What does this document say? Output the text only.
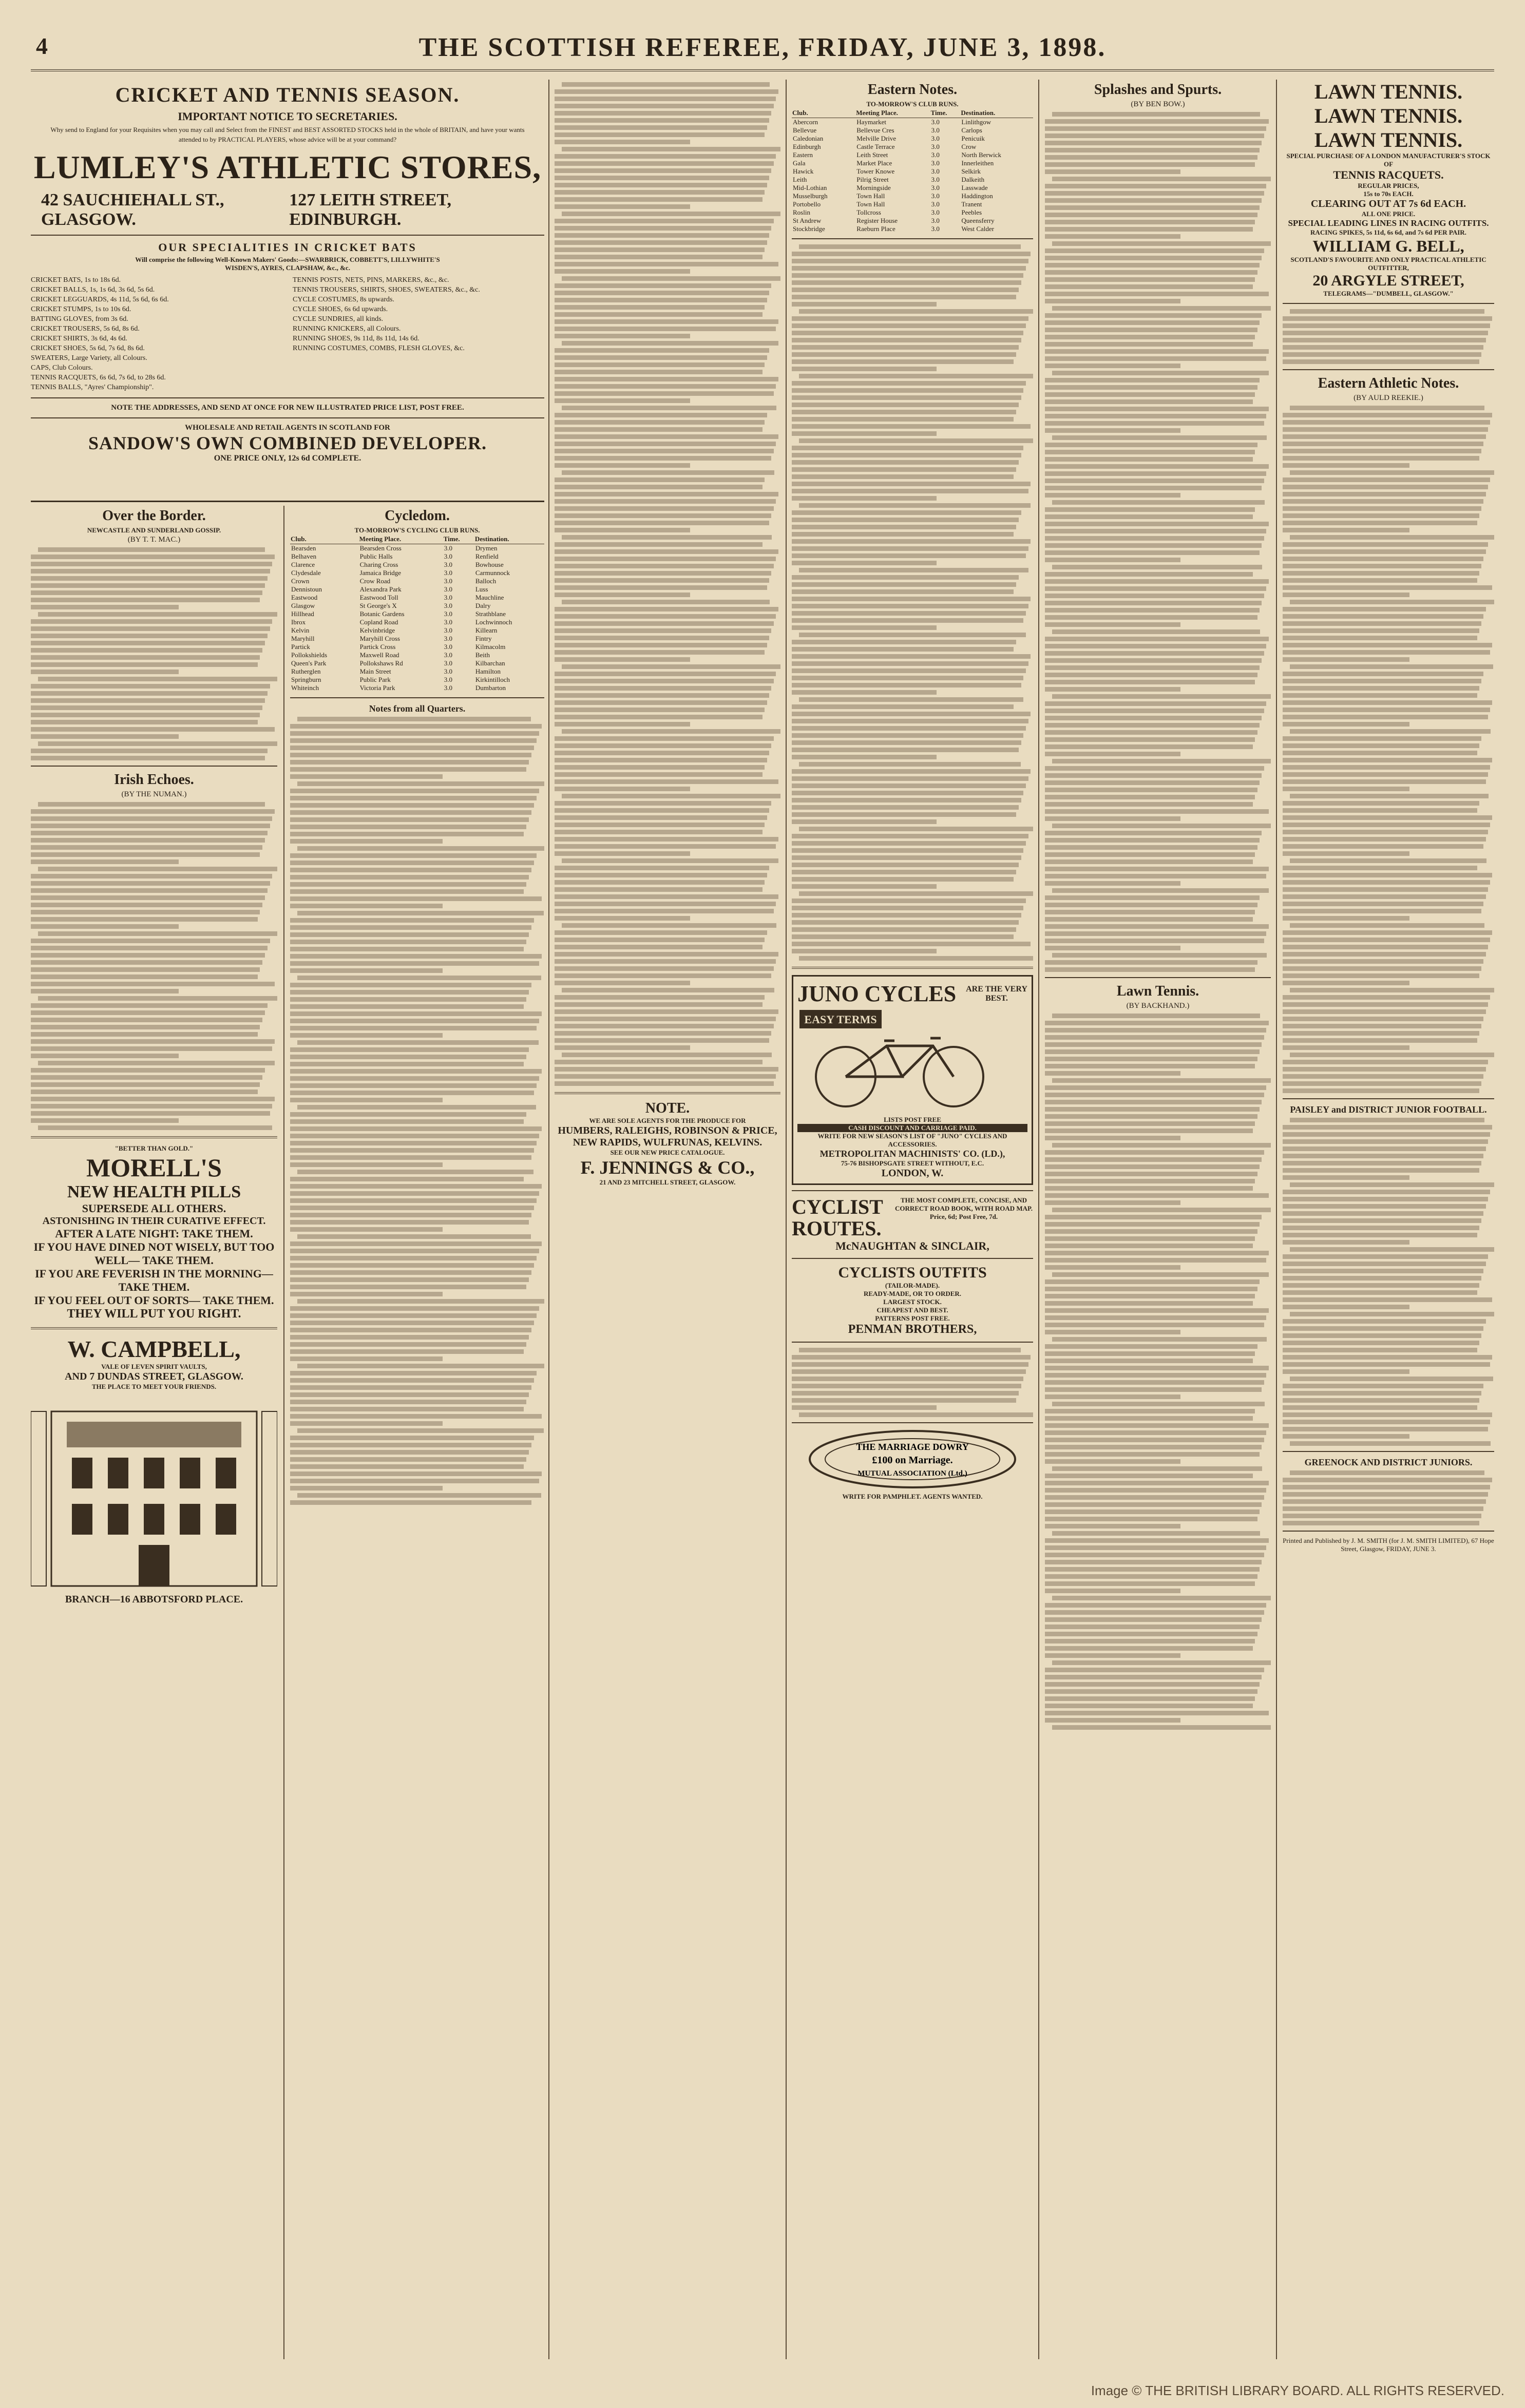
4	THE SCOTTISH REFEREE, FRIDAY, JUNE 3, 1898.
CRICKET AND TENNIS SEASON.
IMPORTANT NOTICE TO SECRETARIES.
Why send to England for your Requisites when you may call and Select from the FINEST and BEST ASSORTED STOCKS held in the whole of BRITAIN, and have your wants attended to by PRACTICAL PLAYERS, whose advice will be at your command?
LUMLEY'S ATHLETIC STORES,
42 SAUCHIEHALL ST., GLASGOW.
127 LEITH STREET, EDINBURGH.
OUR SPECIALITIES IN CRICKET BATS
Will comprise the following Well-Known Makers' Goods:—SWARBRICK, COBBETT'S, LILLYWHITE'S
WISDEN'S, AYRES, CLAPSHAW, &c., &c.
CRICKET BATS, 1s to 18s 6d.
CRICKET BALLS, 1s, 1s 6d, 3s 6d, 5s 6d.
CRICKET LEGGUARDS, 4s 11d, 5s 6d, 6s 6d.
CRICKET STUMPS, 1s to 10s 6d.
BATTING GLOVES, from 3s 6d.
CRICKET TROUSERS, 5s 6d, 8s 6d.
CRICKET SHIRTS, 3s 6d, 4s 6d.
CRICKET SHOES, 5s 6d, 7s 6d, 8s 6d.
SWEATERS, Large Variety, all Colours.
CAPS, Club Colours.
TENNIS RACQUETS, 6s 6d, 7s 6d, to 28s 6d.
TENNIS BALLS, "Ayres' Championship".
TENNIS POSTS, NETS, PINS, MARKERS, &c., &c.
TENNIS TROUSERS, SHIRTS, SHOES, SWEATERS, &c., &c.
CYCLE COSTUMES, 8s upwards.
CYCLE SHOES, 6s 6d upwards.
CYCLE SUNDRIES, all kinds.
RUNNING KNICKERS, all Colours.
RUNNING SHOES, 9s 11d, 8s 11d, 14s 6d.
RUNNING COSTUMES, COMBS, FLESH GLOVES, &c.
NOTE THE ADDRESSES, AND SEND AT ONCE FOR NEW ILLUSTRATED PRICE LIST, POST FREE.
WHOLESALE AND RETAIL AGENTS IN SCOTLAND FOR
SANDOW'S OWN COMBINED DEVELOPER.
ONE PRICE ONLY, 12s 6d COMPLETE.
Over the Border.
NEWCASTLE AND SUNDERLAND GOSSIP.
(BY T. T. MAC.)
Irish Echoes.
(BY THE NUMAN.)
"BETTER THAN GOLD."
MORELL'S
NEW HEALTH PILLS
SUPERSEDE ALL OTHERS.
ASTONISHING IN THEIR CURATIVE EFFECT.
AFTER A LATE NIGHT: TAKE THEM.
IF YOU HAVE DINED NOT WISELY, BUT TOO WELL— TAKE THEM.
IF YOU ARE FEVERISH IN THE MORNING— TAKE THEM.
IF YOU FEEL OUT OF SORTS— TAKE THEM.
THEY WILL PUT YOU RIGHT.
W. CAMPBELL,
VALE OF LEVEN SPIRIT VAULTS,
AND 7 DUNDAS STREET, GLASGOW.
THE PLACE TO MEET YOUR FRIENDS.
BRANCH—16 ABBOTSFORD PLACE.
Cycledom.
TO-MORROW'S CYCLING CLUB RUNS.
Club.	Meeting Place.	Time.	Destination.
Bearsden	Bearsden Cross	3.0	Drymen
Belhaven	Public Halls	3.0	Renfield
Clarence	Charing Cross	3.0	Bowhouse
Clydesdale	Jamaica Bridge	3.0	Carmunnock
Crown	Crow Road	3.0	Balloch
Dennistoun	Alexandra Park	3.0	Luss
Eastwood	Eastwood Toll	3.0	Mauchline
Glasgow	St George's X	3.0	Dalry
Hillhead	Botanic Gardens	3.0	Strathblane
Ibrox	Copland Road	3.0	Lochwinnoch
Kelvin	Kelvinbridge	3.0	Killearn
Maryhill	Maryhill Cross	3.0	Fintry
Partick	Partick Cross	3.0	Kilmacolm
Pollokshields	Maxwell Road	3.0	Beith
Queen's Park	Pollokshaws Rd	3.0	Kilbarchan
Rutherglen	Main Street	3.0	Hamilton
Springburn	Public Park	3.0	Kirkintilloch
Whiteinch	Victoria Park	3.0	Dumbarton
Notes from all Quarters.
NOTE.
WE ARE SOLE AGENTS FOR THE PRODUCE FOR
HUMBERS, RALEIGHS, ROBINSON & PRICE,
NEW RAPIDS, WULFRUNAS, KELVINS.
SEE OUR NEW PRICE CATALOGUE.
F. JENNINGS & CO.,
21 AND 23 MITCHELL STREET, GLASGOW.
Eastern Notes.
TO-MORROW'S CLUB RUNS.
Club.	Meeting Place.	Time.	Destination.
Abercorn	Haymarket	3.0	Linlithgow
Bellevue	Bellevue Cres	3.0	Carlops
Caledonian	Melville Drive	3.0	Penicuik
Edinburgh	Castle Terrace	3.0	Crow
Eastern	Leith Street	3.0	North Berwick
Gala	Market Place	3.0	Innerleithen
Hawick	Tower Knowe	3.0	Selkirk
Leith	Pilrig Street	3.0	Dalkeith
Mid-Lothian	Morningside	3.0	Lasswade
Musselburgh	Town Hall	3.0	Haddington
Portobello	Town Hall	3.0	Tranent
Roslin	Tollcross	3.0	Peebles
St Andrew	Register House	3.0	Queensferry
Stockbridge	Raeburn Place	3.0	West Calder
JUNO CYCLES ARE THE VERY BEST.
EASY TERMS
LISTS POST FREE
CASH DISCOUNT AND CARRIAGE PAID.
WRITE FOR NEW SEASON'S LIST OF "JUNO" CYCLES AND ACCESSORIES.
METROPOLITAN MACHINISTS' CO. (LD.),
75-76 BISHOPSGATE STREET WITHOUT, E.C.
LONDON, W.
CYCLIST ROUTES.
THE MOST COMPLETE, CONCISE, AND CORRECT ROAD BOOK, WITH ROAD MAP.
Price, 6d; Post Free, 7d.
McNAUGHTAN & SINCLAIR,
CYCLISTS OUTFITS
(TAILOR-MADE).
READY-MADE, OR TO ORDER.
LARGEST STOCK.
CHEAPEST AND BEST.
PATTERNS POST FREE.
PENMAN BROTHERS,
THE MARRIAGE DOWRY
£100 on Marriage.
MUTUAL ASSOCIATION (Ltd.)
WRITE FOR PAMPHLET. AGENTS WANTED.
Splashes and Spurts.
(BY BEN BOW.)
Lawn Tennis.
(BY BACKHAND.)
LAWN TENNIS.
LAWN TENNIS.
LAWN TENNIS.
SPECIAL PURCHASE OF A LONDON MANUFACTURER'S STOCK OF
TENNIS RACQUETS.
REGULAR PRICES,
15s to 70s EACH.
CLEARING OUT AT 7s 6d EACH.
ALL ONE PRICE.
SPECIAL LEADING LINES IN RACING OUTFITS.
RACING SPIKES, 5s 11d, 6s 6d, and 7s 6d PER PAIR.
WILLIAM G. BELL,
SCOTLAND'S FAVOURITE AND ONLY PRACTICAL ATHLETIC OUTFITTER,
20 ARGYLE STREET,
TELEGRAMS—"DUMBELL, GLASGOW."
Eastern Athletic Notes.
(BY AULD REEKIE.)
PAISLEY and DISTRICT JUNIOR FOOTBALL.
GREENOCK AND DISTRICT JUNIORS.
Printed and Published by J. M. SMITH (for J. M. SMITH LIMITED), 67 Hope Street, Glasgow, FRIDAY, JUNE 3.
Image © THE BRITISH LIBRARY BOARD. ALL RIGHTS RESERVED.
